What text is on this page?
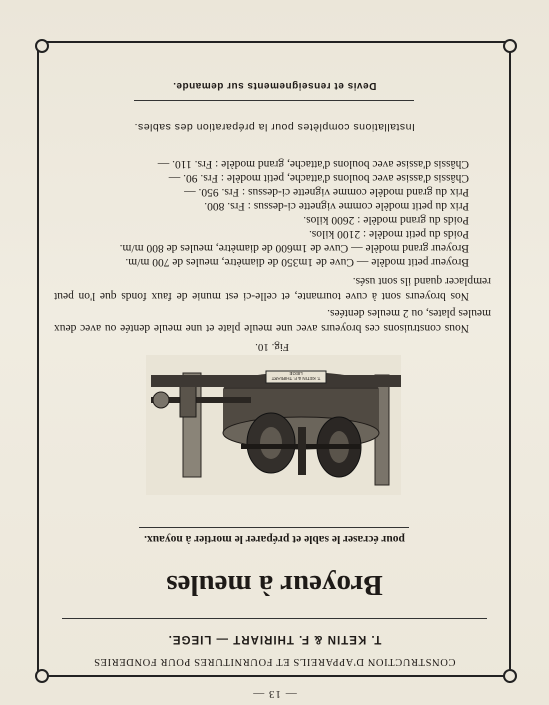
— 13 —
CONSTRUCTION D'APPAREILS ET FOURNITURES POUR FONDERIES
T. KETIN & F. THIRIART — LIEGE.
Broyeur à meules
pour écraser le sable et préparer le mortier à noyaux.
T. KETIN & F. THIRIART LIEGE
Fig. 10.
Nous construisons ces broyeurs avec une meule plate et une meule dentée ou avec deux meules plates, ou 2 meules dentées.
Nos broyeurs sont à cuve tournante, et celle-ci est munie de faux fonds que l'on peut remplacer quand ils sont usés.
Broyeur petit modèle — Cuve de 1m350 de diamètre, meules de 700 m/m.
Broyeur grand modèle — Cuve de 1m600 de diamètre, meules de 800 m/m.
Poids du petit modèle : 2100 kilos.
Poids du grand modèle : 2600 kilos.
Prix du petit modèle comme vignette ci-dessus : Frs. 800.
Prix du grand modèle comme vignette ci-dessus : Frs. 950. —
Châssis d'assise avec boulons d'attache, petit modèle : Frs. 90. —
Châssis d'assise avec boulons d'attache, grand modèle : Frs. 110. —
Installations complètes pour la préparation des sables.
Devis et renseignements sur demande.
